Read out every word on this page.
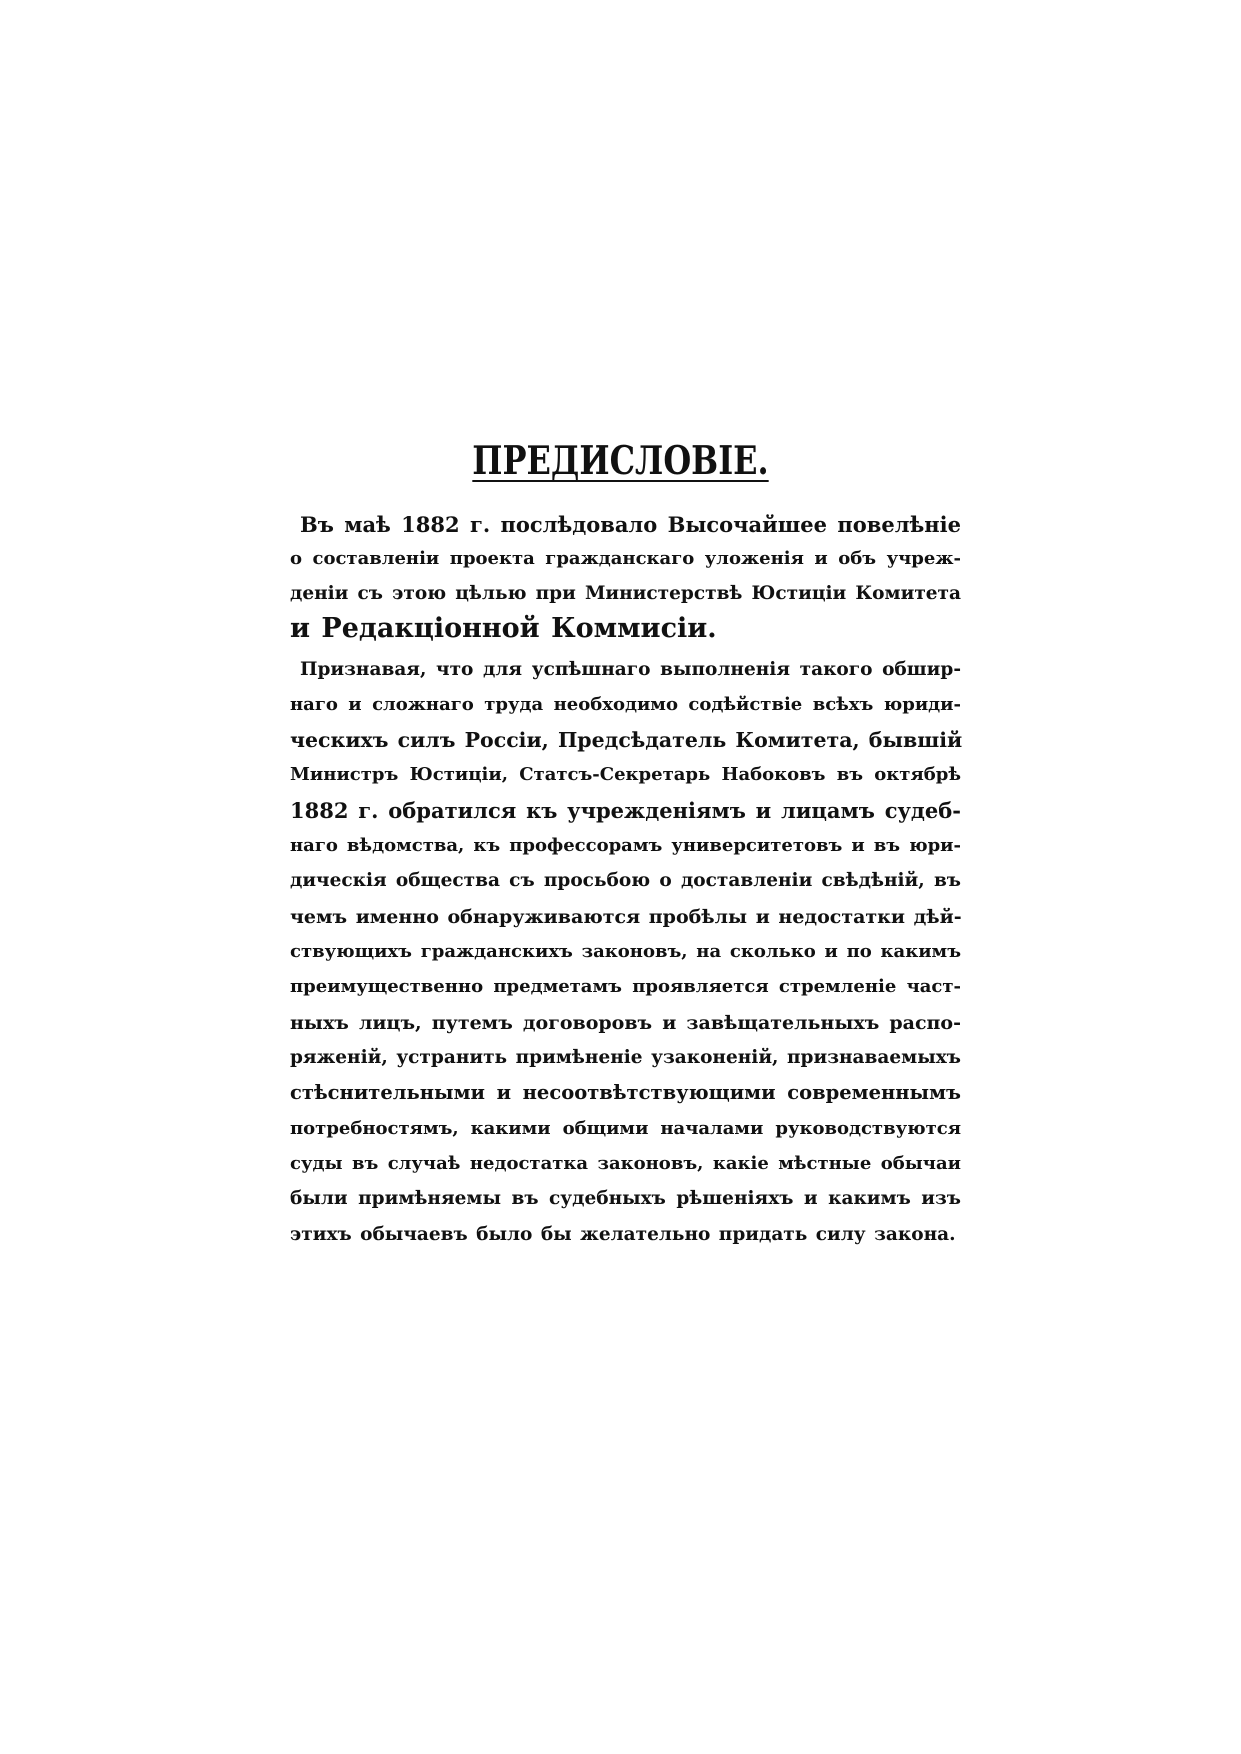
ПРЕДИСЛОВІЕ.
Въ маѣ 1882 г. послѣдовало Высочайшее повелѣніе
о составленіи проекта гражданскаго уложенія и объ учреж-
деніи съ этою цѣлью при Министерствѣ Юстиціи Комитета
и Редакціонной Коммисіи.
Признавая, что для успѣшнаго выполненія такого обшир-
наго и сложнаго труда необходимо содѣйствіе всѣхъ юриди-
ческихъ силъ Россіи, Предсѣдатель Комитета, бывшій
Министръ Юстиціи, Статсъ-Секретарь Набоковъ въ октябрѣ
1882 г. обратился къ учрежденіямъ и лицамъ судеб-
наго вѣдомства, къ профессорамъ университетовъ и въ юри-
дическія общества съ просьбою о доставленіи свѣдѣній, въ
чемъ именно обнаруживаются пробѣлы и недостатки дѣй-
ствующихъ гражданскихъ законовъ, на сколько и по какимъ
преимущественно предметамъ проявляется стремленіе част-
ныхъ лицъ, путемъ договоровъ и завѣщательныхъ распо-
ряженій, устранить примѣненіе узаконеній, признаваемыхъ
стѣснительными и несоотвѣтствующими современнымъ
потребностямъ, какими общими началами руководствуются
суды въ случаѣ недостатка законовъ, какіе мѣстные обычаи
были примѣняемы въ судебныхъ рѣшеніяхъ и какимъ изъ
этихъ обычаевъ было бы желательно придать силу закона.
